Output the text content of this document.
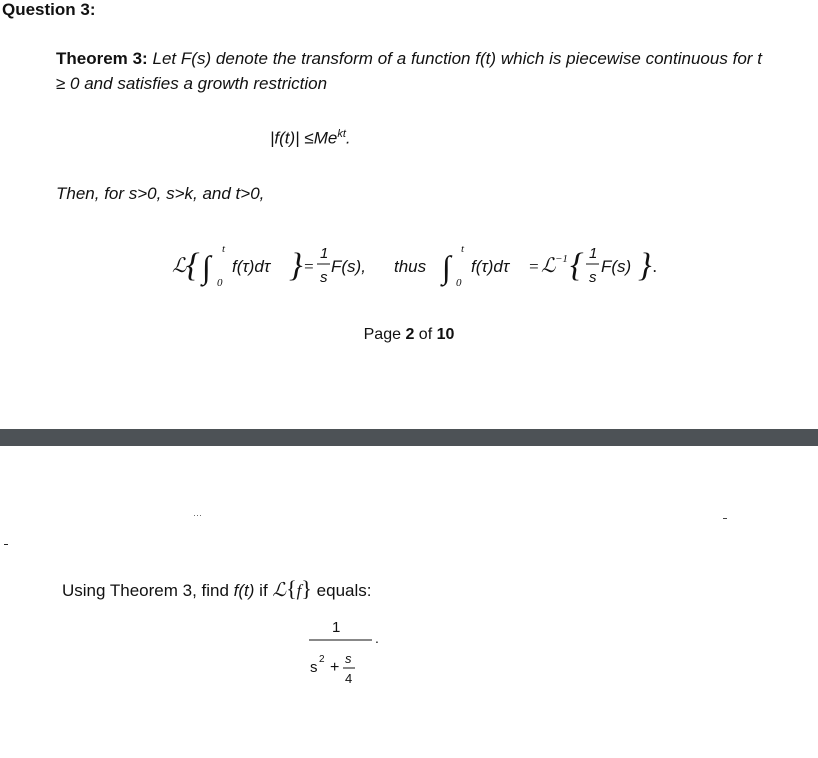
Question 3:
Theorem 3: Let F(s) denote the transform of a function f(t) which is piecewise continuous for t ≥ 0 and satisfies a growth restriction
$|f(t)| \le Me^{kt}$.
Then, for s>0, s>k, and t>0,
ℒ { ∫ t
0
f(τ)dτ } =
1
s
F(s), thus ∫ t
0
f(τ)dτ = ℒ −1 { 1
s
F(s) } .
Page 2 of 10
···
Using Theorem 3, find f(t) if ℒ{f} equals:
1
.
s 2 +
s
4
